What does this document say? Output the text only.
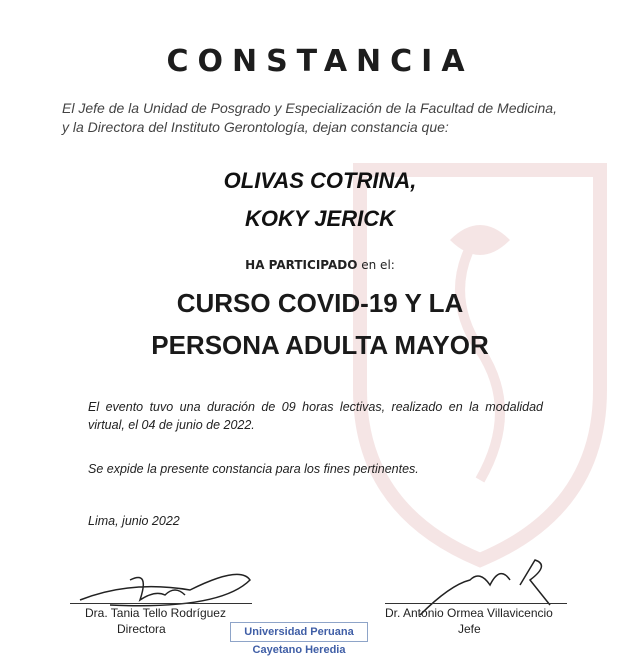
CONSTANCIA
El Jefe de la Unidad de Posgrado y Especialización de la Facultad de Medicina,
y la Directora del Instituto Gerontología, dejan constancia que:
OLIVAS COTRINA,
KOKY JERICK
HA PARTICIPADO en el:
CURSO COVID-19 Y LA
PERSONA ADULTA MAYOR
El evento tuvo una duración de 09 horas lectivas, realizado en la modalidad virtual, el 04 de junio de 2022.
Se expide la presente constancia para los fines pertinentes.
Lima, junio 2022
Dra. Tania Tello Rodríguez
Directora
Dr. Antonio Ormea Villavicencio
Jefe
Universidad Peruana Cayetano Heredia
